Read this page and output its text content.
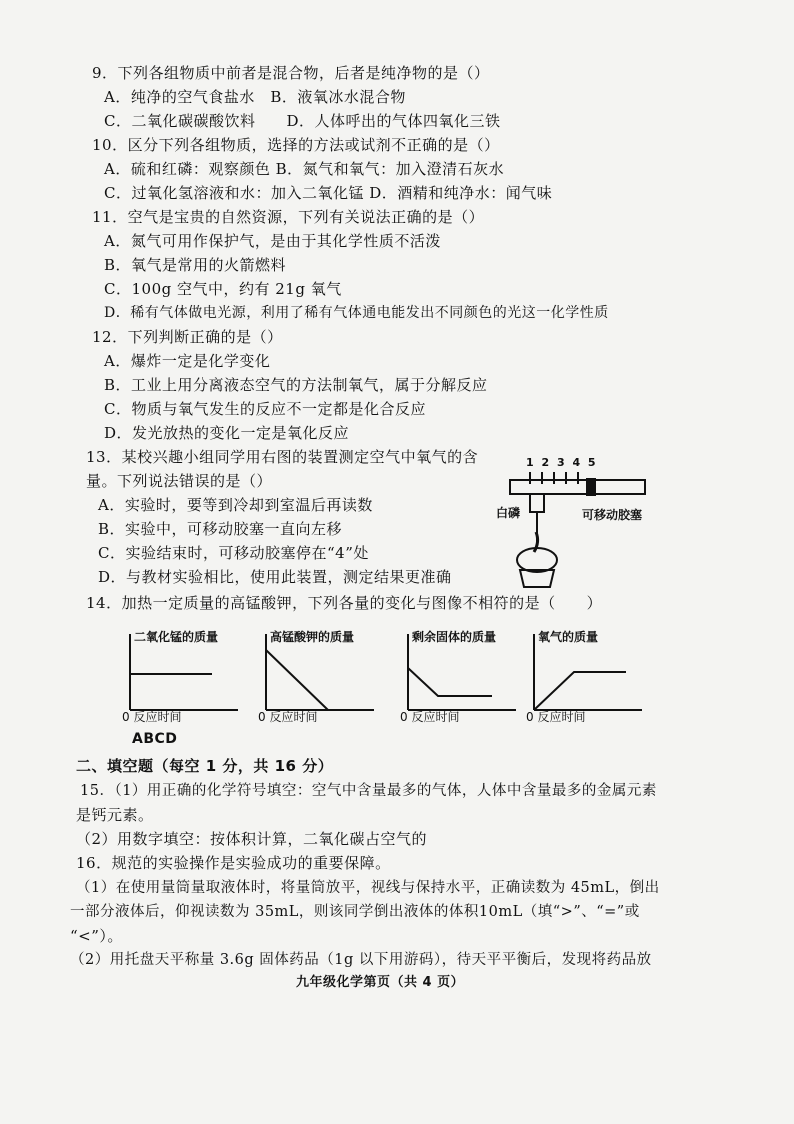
9．下列各组物质中前者是混合物，后者是纯净物的是（）
A．纯净的空气食盐水　B．液氧冰水混合物
C．二氧化碳碳酸饮料　　D．人体呼出的气体四氧化三铁
10．区分下列各组物质，选择的方法或试剂不正确的是（）
A．硫和红磷：观察颜色 B．氮气和氧气：加入澄清石灰水
C．过氧化氢溶液和水：加入二氧化锰 D．酒精和纯净水：闻气味
11．空气是宝贵的自然资源，下列有关说法正确的是（）
A．氮气可用作保护气，是由于其化学性质不活泼
B．氧气是常用的火箭燃料
C．100g 空气中，约有 21g 氧气
D．稀有气体做电光源，利用了稀有气体通电能发出不同颜色的光这一化学性质
12．下列判断正确的是（）
A．爆炸一定是化学变化
B．工业上用分离液态空气的方法制氧气，属于分解反应
C．物质与氧气发生的反应不一定都是化合反应
D．发光放热的变化一定是氧化反应
13．某校兴趣小组同学用右图的装置测定空气中氧气的含
量。下列说法错误的是（）
A．实验时，要等到冷却到室温后再读数
B．实验中，可移动胶塞一直向左移
C．实验结束时，可移动胶塞停在“4”处
D．与教材实验相比，使用此装置，测定结果更准确
14．加热一定质量的高锰酸钾，下列各量的变化与图像不相符的是（　　）
1 2 3 4 5
白磷	可移动胶塞
二氧化锰的质量
0 反应时间
高锰酸钾的质量
0 反应时间
剩余固体的质量
0 反应时间
氧气的质量
0 反应时间
ABCD
二、填空题（每空 1 分，共 16 分）
15．（1）用正确的化学符号填空：空气中含量最多的气体，人体中含量最多的金属元素
是钙元素。
（2）用数字填空：按体积计算，二氧化碳占空气的
16．规范的实验操作是实验成功的重要保障。
（1）在使用量筒量取液体时，将量筒放平，视线与保持水平，正确读数为 45mL，倒出
一部分液体后，仰视读数为 35mL，则该同学倒出液体的体积10mL（填“>”、“=”或
“<”）。
（2）用托盘天平称量 3.6g 固体药品（1g 以下用游码），待天平平衡后，发现将药品放
九年级化学第页（共 4 页）
